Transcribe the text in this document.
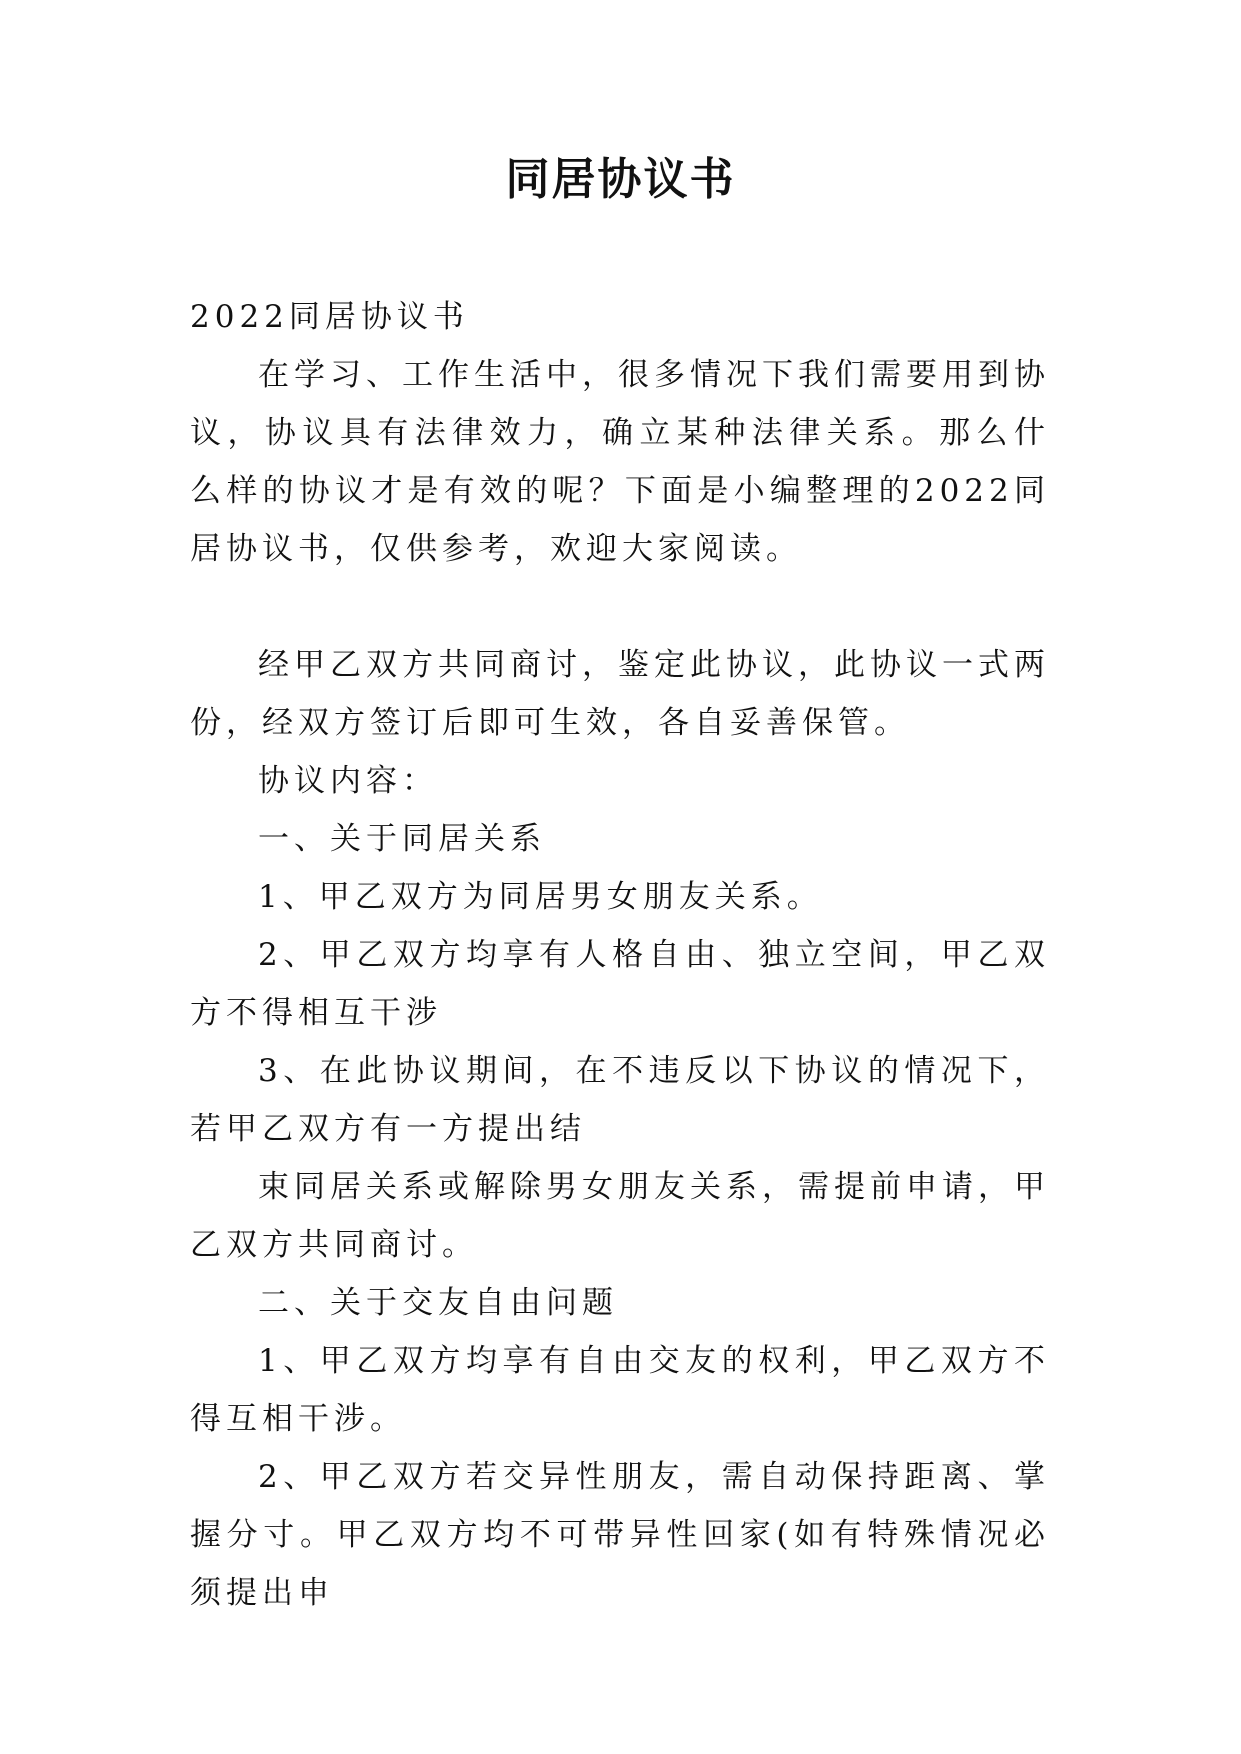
同居协议书

2022同居协议书

在学习、工作生活中，很多情况下我们需要用到协议，协议具有法律效力，确立某种法律关系。那么什么样的协议才是有效的呢？下面是小编整理的2022同居协议书，仅供参考，欢迎大家阅读。

经甲乙双方共同商讨，鉴定此协议，此协议一式两份，经双方签订后即可生效，各自妥善保管。

协议内容：

一、关于同居关系

1、甲乙双方为同居男女朋友关系。

2、甲乙双方均享有人格自由、独立空间，甲乙双方不得相互干涉

3、在此协议期间，在不违反以下协议的情况下，若甲乙双方有一方提出结

束同居关系或解除男女朋友关系，需提前申请，甲乙双方共同商讨。

二、关于交友自由问题

1、甲乙双方均享有自由交友的权利，甲乙双方不得互相干涉。

2、甲乙双方若交异性朋友，需自动保持距离、掌握分寸。甲乙双方均不可带异性回家(如有特殊情况必须提出申
